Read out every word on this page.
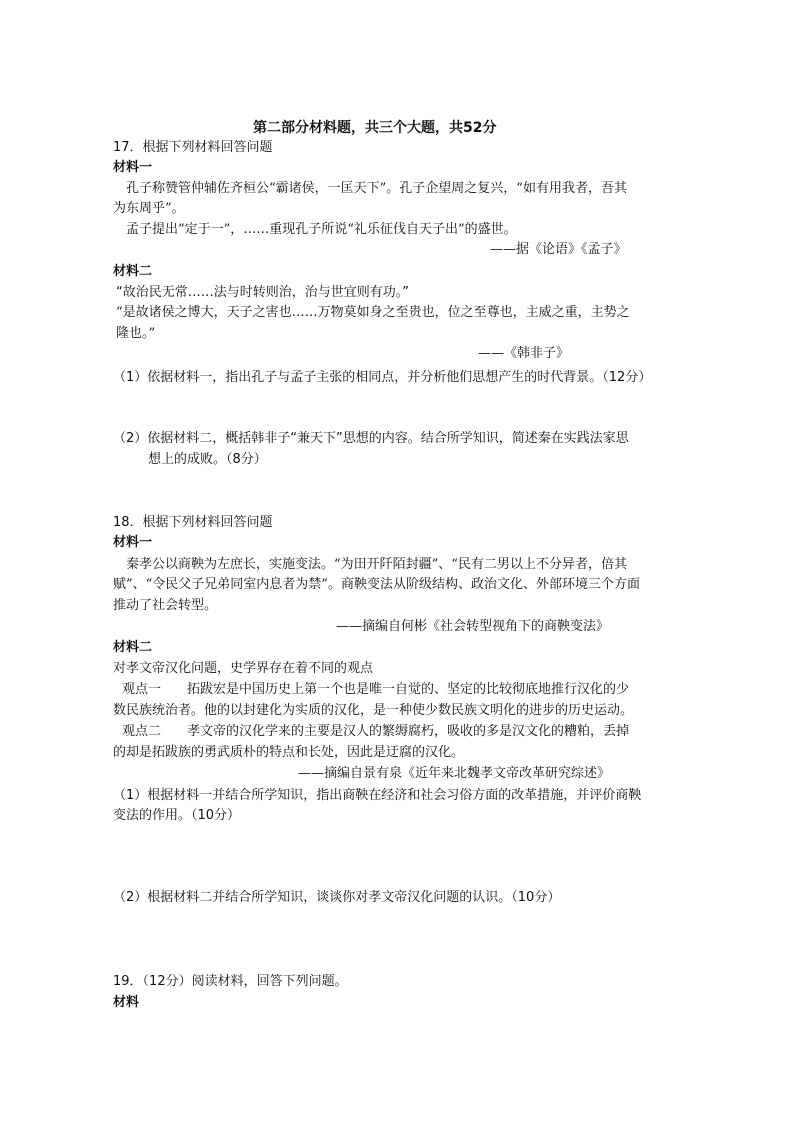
第二部分材料题，共三个大题，共52分
17．根据下列材料回答问题
材料一
孔子称赞管仲辅佐齐桓公“霸诸侯，一匡天下”。孔子企望周之复兴，“如有用我者，吾其
为东周乎”。
孟子提出“定于一”，……重现孔子所说“礼乐征伐自天子出”的盛世。
——据《论语》《孟子》
材料二
“故治民无常……法与时转则治，治与世宜则有功。”
“是故诸侯之博大，天子之害也……万物莫如身之至贵也，位之至尊也，主威之重，主势之
隆也。”
——《韩非子》
（1）依据材料一，指出孔子与孟子主张的相同点，并分析他们思想产生的时代背景。（12分）
（2）依据材料二，概括韩非子“兼天下”思想的内容。结合所学知识，简述秦在实践法家思
想上的成败。（8分）
18．根据下列材料回答问题
材料一
秦孝公以商鞅为左庶长，实施变法。“为田开阡陌封疆”、“民有二男以上不分异者，倍其
赋”、“令民父子兄弟同室内息者为禁”。商鞅变法从阶级结构、政治文化、外部环境三个方面
推动了社会转型。
——摘编自何彬《社会转型视角下的商鞅变法》
材料二
对孝文帝汉化问题，史学界存在着不同的观点
观点一　　拓跋宏是中国历史上第一个也是唯一自觉的、坚定的比较彻底地推行汉化的少
数民族统治者。他的以封建化为实质的汉化，是一种使少数民族文明化的进步的历史运动。
观点二　　孝文帝的汉化学来的主要是汉人的繁缛腐朽，吸收的多是汉文化的糟粕，丢掉
的却是拓跋族的勇武质朴的特点和长处，因此是迂腐的汉化。
——摘编自景有泉《近年来北魏孝文帝改革研究综述》
（1）根据材料一并结合所学知识，指出商鞅在经济和社会习俗方面的改革措施，并评价商鞅
变法的作用。（10分）
（2）根据材料二并结合所学知识，谈谈你对孝文帝汉化问题的认识。（10分）
19．（12分）阅读材料，回答下列问题。
材料
